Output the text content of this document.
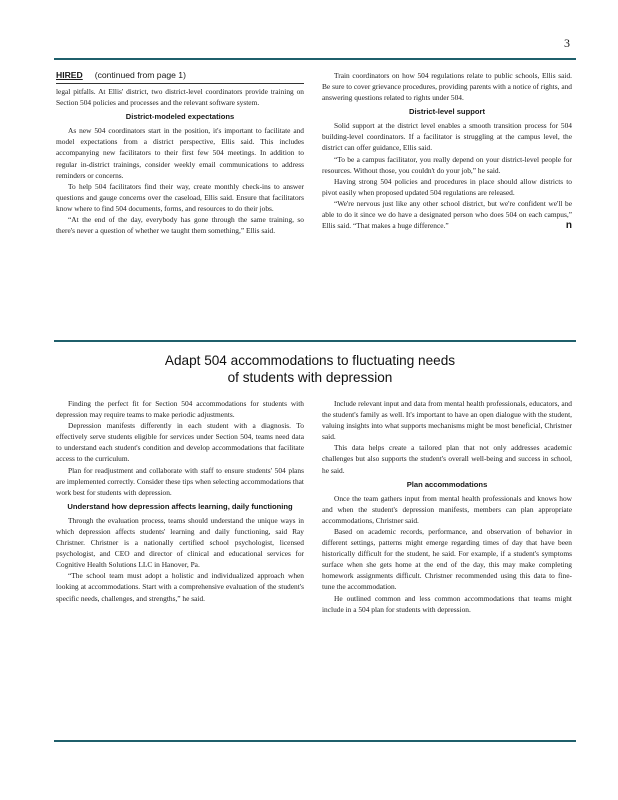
3
HIRED (continued from page 1)

legal pitfalls. At Ellis' district, two district-level coordinators provide training on Section 504 policies and processes and the relevant software system.

District-modeled expectations

As new 504 coordinators start in the position, it's important to facilitate and model expectations from a district perspective, Ellis said. This includes accompanying new facilitators to their first few 504 meetings. In addition to regular in-district trainings, consider weekly email communications to address reminders or concerns.

To help 504 facilitators find their way, create monthly check-ins to answer questions and gauge concerns over the caseload, Ellis said. Ensure that facilitators know where to find 504 documents, forms, and resources to do their jobs.

“At the end of the day, everybody has gone through the same training, so there's never a question of whether we taught them something,” Ellis said.

Train coordinators on how 504 regulations relate to public schools, Ellis said. Be sure to cover grievance procedures, providing parents with a notice of rights, and answering questions related to rights under 504.

District-level support

Solid support at the district level enables a smooth transition process for 504 building-level coordinators. If a facilitator is struggling at the campus level, the district can offer guidance, Ellis said.

“To be a campus facilitator, you really depend on your district-level people for resources. Without those, you couldn't do your job,” he said.

Having strong 504 policies and procedures in place should allow districts to pivot easily when proposed updated 504 regulations are released.

“We're nervous just like any other school district, but we're confident we'll be able to do it since we do have a designated person who does 504 on each campus,” Ellis said. “That makes a huge difference.”	n

Adapt 504 accommodations to fluctuating needs
of students with depression

Finding the perfect fit for Section 504 accommodations for students with depression may require teams to make periodic adjustments.

Depression manifests differently in each student with a diagnosis. To effectively serve students eligible for services under Section 504, teams need data to understand each student's condition and develop accommodations that facilitate access to the curriculum.

Plan for readjustment and collaborate with staff to ensure students' 504 plans are implemented correctly. Consider these tips when selecting accommodations that work best for students with depression.

Understand how depression affects learning, daily functioning

Through the evaluation process, teams should understand the unique ways in which depression affects students' learning and daily functioning, said Ray Christner. Christner is a nationally certified school psychologist, licensed psychologist, and CEO and director of clinical and educational services for Cognitive Health Solutions LLC in Hanover, Pa.

“The school team must adopt a holistic and individualized approach when looking at accommodations. Start with a comprehensive evaluation of the student's specific needs, challenges, and strengths,” he said.

Include relevant input and data from mental health professionals, educators, and the student's family as well. It's important to have an open dialogue with the student, valuing insights into what supports mechanisms might be most beneficial, Christner said.

This data helps create a tailored plan that not only addresses academic challenges but also supports the student's overall well-being and success in school, he said.

Plan accommodations

Once the team gathers input from mental health professionals and knows how and when the student's depression manifests, members can plan appropriate accommodations, Christner said.

Based on academic records, performance, and observation of behavior in different settings, patterns might emerge regarding times of day that have been historically difficult for the student, he said. For example, if a student's symptoms surface when she gets home at the end of the day, this may make completing homework assignments difficult. Christner recommended using this data to fine-tune the accommodation.

He outlined common and less common accommodations that teams might include in a 504 plan for students with depression.
